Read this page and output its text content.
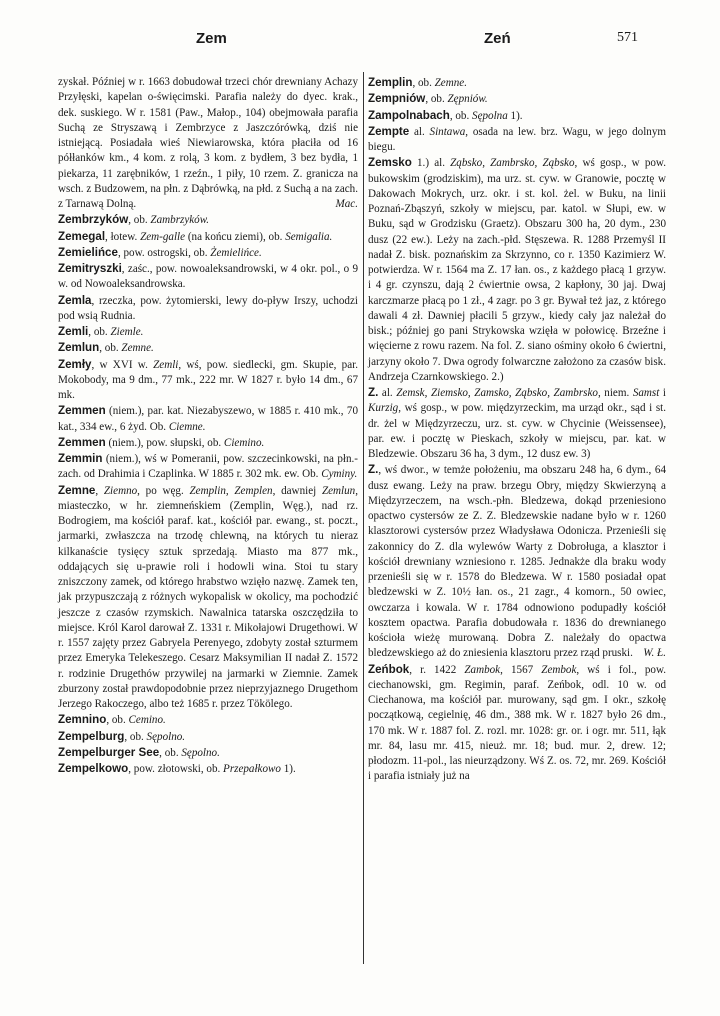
Zem	Zeń	571

zyskał. Później w r. 1663 dobudował trzeci chór drewniany Achazy Przyłęski, kapelan o-święcimski. Parafia należy do dyec. krak., dek. suskiego. W r. 1581 (Paw., Małop., 104) obejmowała parafia Suchą ze Stryszawą i Zembrzyce z Jaszczórówką, dziś nie istniejącą. Posiadała wieś Niewiarowska, która płaciła od 16 półłanków km., 4 kom. z rolą, 3 kom. z bydłem, 3 bez bydła, 1 piekarza, 11 zarębników, 1 rzeźn., 1 piły, 10 rzem. Z. granicza na wsch. z Budzowem, na płn. z Dąbrówką, na płd. z Suchą a na zach. z Tarnawą Dolną.	Mac.

Zembrzyków, ob. Zambrzyków.

Zemegal, łotew. Zem-galle (na końcu ziemi), ob. Semigalia.

Zemielińce, pow. ostrogski, ob. Żemielińce.

Zemitryszki, zaśc., pow. nowoaleksandrowski, w 4 okr. pol., o 9 w. od Nowoaleksandrowska.

Zemla, rzeczka, pow. żytomierski, lewy do-pływ Irszy, uchodzi pod wsią Rudnia.

Zemli, ob. Ziemle.

Zemlun, ob. Zemne.

Zemły, w XVI w. Zemli, wś, pow. siedlecki, gm. Skupie, par. Mokobody, ma 9 dm., 77 mk., 222 mr. W 1827 r. było 14 dm., 67 mk.

Zemmen (niem.), par. kat. Niezabyszewo, w 1885 r. 410 mk., 70 kat., 334 ew., 6 żyd. Ob. Ciemne.

Zemmen (niem.), pow. słupski, ob. Ciemino.

Zemmin (niem.), wś w Pomeranii, pow. szczecinkowski, na płn.-zach. od Drahimia i Czaplinka. W 1885 r. 302 mk. ew. Ob. Cyminy.

Zemne, Ziemno, po węg. Zemplin, Zemplen, dawniej Zemlun, miasteczko, w hr. ziemneńskiem (Zemplin, Węg.), nad rz. Bodrogiem, ma kościół paraf. kat., kościół par. ewang., st. poczt., jarmarki, zwłaszcza na trzodę chlewną, na których tu nieraz kilkanaście tysięcy sztuk sprzedają. Miasto ma 877 mk., oddających się u-prawie roli i hodowli wina. Stoi tu stary zniszczony zamek, od którego hrabstwo wzięło nazwę. Zamek ten, jak przypuszczają z różnych wykopalisk w okolicy, ma pochodzić jeszcze z czasów rzymskich. Nawalnica tatarska oszczędziła to miejsce. Król Karol darował Z. 1331 r. Mikołajowi Drugethowi. W r. 1557 zajęty przez Gabryela Perenyego, zdobyty został szturmem przez Emeryka Telekeszego. Cesarz Maksymilian II nadał Z. 1572 r. rodzinie Drugethów przywilej na jarmarki w Ziemnie. Zamek zburzony został prawdopodobnie przez nieprzyjaznego Drugethom Jerzego Rakoczego, albo też 1685 r. przez Tökölego.

Zemnino, ob. Cemino.

Zempelburg, ob. Sępolno.

Zempelburger See, ob. Sępolno.

Zempelkowo, pow. złotowski, ob. Przepałkowo 1).

Zemplin, ob. Zemne.

Zempniów, ob. Zępniów.

Zampolnabach, ob. Sępolna 1).

Zempte al. Sintawa, osada na lew. brz. Wagu, w jego dolnym biegu.

Zemsko 1.) al. Ząbsko, Zambrsko, Ząbsko, wś gosp., w pow. bukowskim (grodziskim), ma urz. st. cyw. w Granowie, pocztę w Dakowach Mokrych, urz. okr. i st. kol. żel. w Buku, na linii Poznań-Zbąszyń, szkoły w miejscu, par. katol. w Słupi, ew. w Buku, sąd w Grodzisku (Graetz). Obszaru 300 ha, 20 dym., 230 dusz (22 ew.). Leży na zach.-płd. Stęszewa. R. 1288 Przemyśl II nadał Z. bisk. poznańskim za Skrzynno, co r. 1350 Kazimierz W. potwierdza. W r. 1564 ma Z. 17 łan. os., z każdego płacą 1 grzyw. i 4 gr. czynszu, dają 2 ćwiertnie owsa, 2 kapłony, 30 jaj. Dwaj karczmarze płacą po 1 zł., 4 zagr. po 3 gr. Bywał też jaz, z którego dawali 4 zł. Dawniej płacili 5 grzyw., kiedy cały jaz należał do bisk.; później go pani Strykowska wzięła w połowicę. Brzeźne i więcierne z rowu razem. Na fol. Z. siano ośminy około 6 ćwiertni, jarzyny około 7. Dwa ogrody folwarczne założono za czasów bisk. Andrzeja Czarnkowskiego. 2.)

Z. al. Zemsk, Ziemsko, Zamsko, Ząbsko, Zambrsko, niem. Samst i Kurzig, wś gosp., w pow. międzyrzeckim, ma urząd okr., sąd i st. dr. żel w Międzyrzeczu, urz. st. cyw. w Chycinie (Weissensee), par. ew. i pocztę w Pieskach, szkoły w miejscu, par. kat. w Bledzewie. Obszaru 36 ha, 3 dym., 12 dusz ew. 3)

Z., wś dwor., w temże położeniu, ma obszaru 248 ha, 6 dym., 64 dusz ewang. Leży na praw. brzegu Obry, między Skwierzyną a Międzyrzeczem, na wsch.-płn. Bledzewa, dokąd przeniesiono opactwo cystersów ze Z. Z. Bledzewskie nadane było w r. 1260 klasztorowi cystersów przez Władysława Odonicza. Przenieśli się zakonnicy do Z. dla wylewów Warty z Dobroługa, a klasztor i kościół drewniany wzniesiono r. 1285. Jednakże dla braku wody przenieśli się w r. 1578 do Bledzewa. W r. 1580 posiadał opat bledzewski w Z. 10½ łan. os., 21 zagr., 4 komorn., 50 owiec, owczarza i kowala. W r. 1784 odnowiono podupadły kościół kosztem opactwa. Parafia dobudowała r. 1836 do drewnianego kościoła wieżę murowaną. Dobra Z. należały do opactwa bledzewskiego aż do zniesienia klasztoru przez rząd pruski. W. Ł.

Zeńbok, r. 1422 Zambok, 1567 Zembok, wś i fol., pow. ciechanowski, gm. Regimin, paraf. Zeńbok, odl. 10 w. od Ciechanowa, ma kościół par. murowany, sąd gm. I okr., szkołę początkową, cegielnię, 46 dm., 388 mk. W r. 1827 było 26 dm., 170 mk. W r. 1887 fol. Z. rozl. mr. 1028: gr. or. i ogr. mr. 511, łąk mr. 84, lasu mr. 415, nieuż. mr. 18; bud. mur. 2, drew. 12; płodozm. 11-pol., las nieurządzony. Wś Z. os. 72, mr. 269. Kościół i parafia istniały już na
